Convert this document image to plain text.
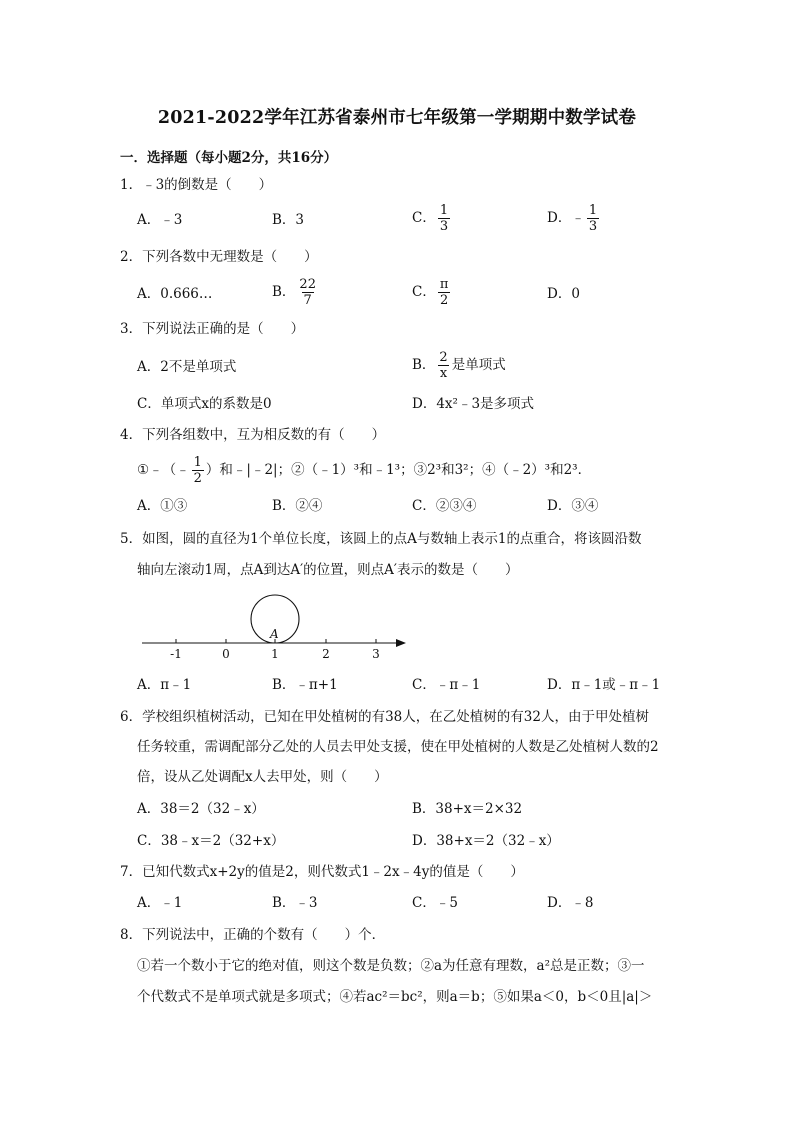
2021-2022学年江苏省泰州市七年级第一学期期中数学试卷
一．选择题（每小题2分，共16分）
1．﹣3的倒数是（　　）
A．﹣3	B．3	C． $\frac{1}{3}$	D．﹣ $\frac{1}{3}$
2．下列各数中无理数是（　　）
A．0.666…	B． $\frac{22}{7}$	C． $\frac{\pi}{2}$	D．0
3．下列说法正确的是（　　）
A．2不是单项式	B． $\frac{2}{x}$ 是单项式
C．单项式x的系数是0	D．4x²﹣3是多项式
4．下列各组数中，互为相反数的有（　　）
①﹣（﹣ $\frac{1}{2}$ ）和﹣|﹣2|；②（﹣1）³和﹣1³；③2³和3²；④（﹣2）³和2³．
A．①③	B．②④	C．②③④	D．③④
5．如图，圆的直径为1个单位长度，该圆上的点A与数轴上表示1的点重合，将该圆沿数
轴向左滚动1周，点A到达A′的位置，则点A′表示的数是（　　）
A
-1	0	1	2	3
A．π﹣1	B．﹣π+1	C．﹣π﹣1	D．π﹣1或﹣π﹣1
6．学校组织植树活动，已知在甲处植树的有38人，在乙处植树的有32人，由于甲处植树
任务较重，需调配部分乙处的人员去甲处支援，使在甲处植树的人数是乙处植树人数的2
倍，设从乙处调配x人去甲处，则（　　）
A．38＝2（32﹣x）	B．38+x＝2×32
C．38﹣x＝2（32+x）	D．38+x＝2（32﹣x）
7．已知代数式x+2y的值是2，则代数式1﹣2x﹣4y的值是（　　）
A．﹣1	B．﹣3	C．﹣5	D．﹣8
8．下列说法中，正确的个数有（　　）个．
①若一个数小于它的绝对值，则这个数是负数；②a为任意有理数，a²总是正数；③一
个代数式不是单项式就是多项式；④若ac²＝bc²，则a＝b；⑤如果a＜0，b＜0且|a|＞
